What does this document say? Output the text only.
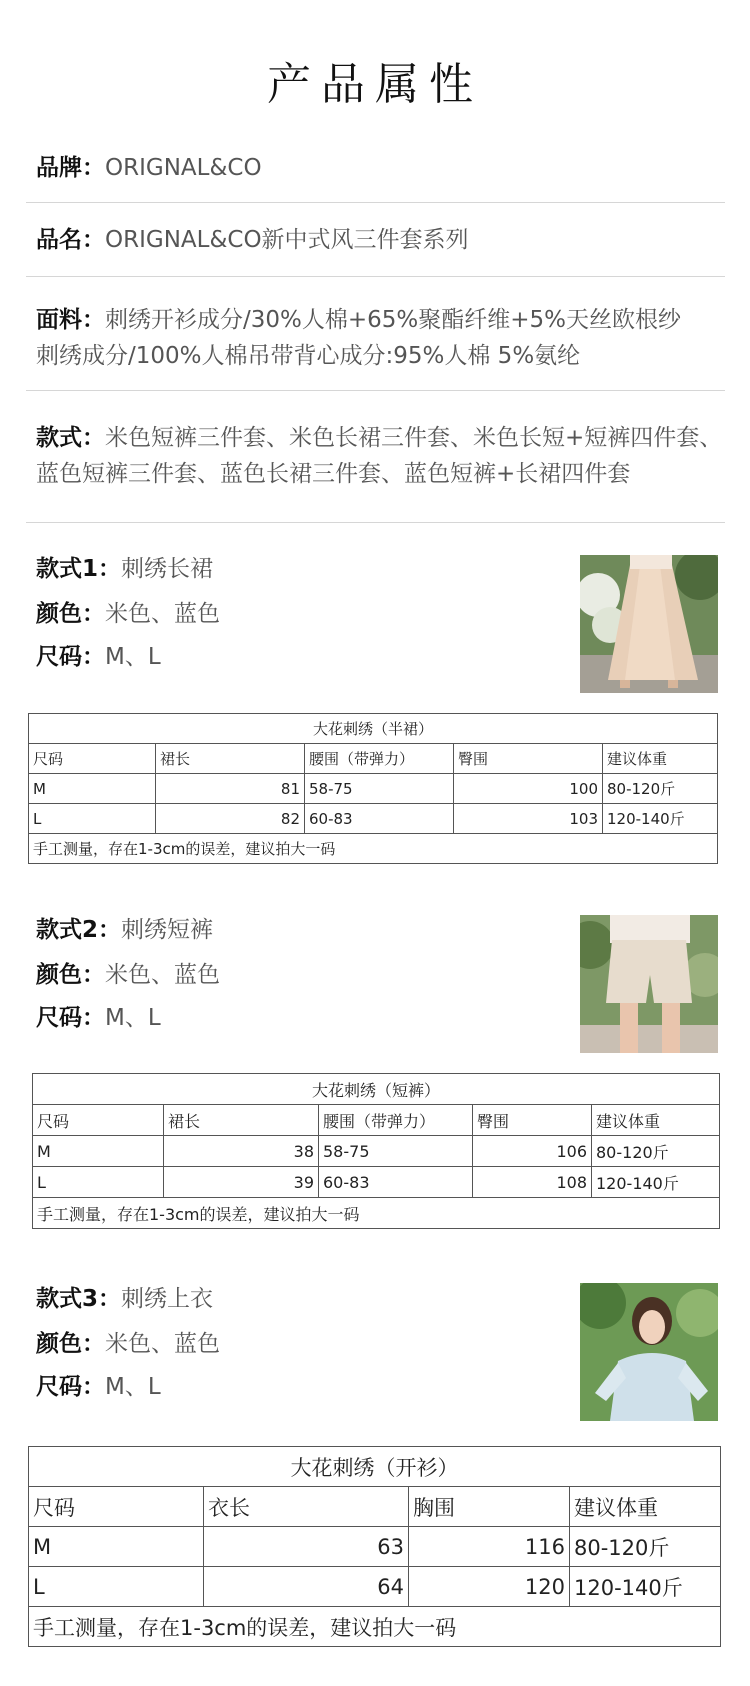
产品属性
品牌：ORIGNAL&CO
品名：ORIGNAL&CO新中式风三件套系列
面料：刺绣开衫成分/30%人棉+65%聚酯纤维+5%天丝欧根纱
刺绣成分/100%人棉吊带背心成分:95%人棉 5%氨纶
款式：米色短裤三件套、米色长裙三件套、米色长短+短裤四件套、
蓝色短裤三件套、蓝色长裙三件套、蓝色短裤+长裙四件套
款式1：刺绣长裙
颜色：米色、蓝色
尺码：M、L
大花刺绣（半裙）				
尺码	裙长	腰围（带弹力）	臀围	建议体重
M	81	58-75	100	80-120斤
L	82	60-83	103	120-140斤
手工测量，存在1-3cm的误差，建议拍大一码				
款式2：刺绣短裤
颜色：米色、蓝色
尺码：M、L
大花刺绣（短裤）				
尺码	裙长	腰围（带弹力）	臀围	建议体重
M	38	58-75	106	80-120斤
L	39	60-83	108	120-140斤
手工测量，存在1-3cm的误差，建议拍大一码				
款式3：刺绣上衣
颜色：米色、蓝色
尺码：M、L
大花刺绣（开衫）			
尺码	衣长	胸围	建议体重
M	63	116	80-120斤
L	64	120	120-140斤
手工测量，存在1-3cm的误差，建议拍大一码			
